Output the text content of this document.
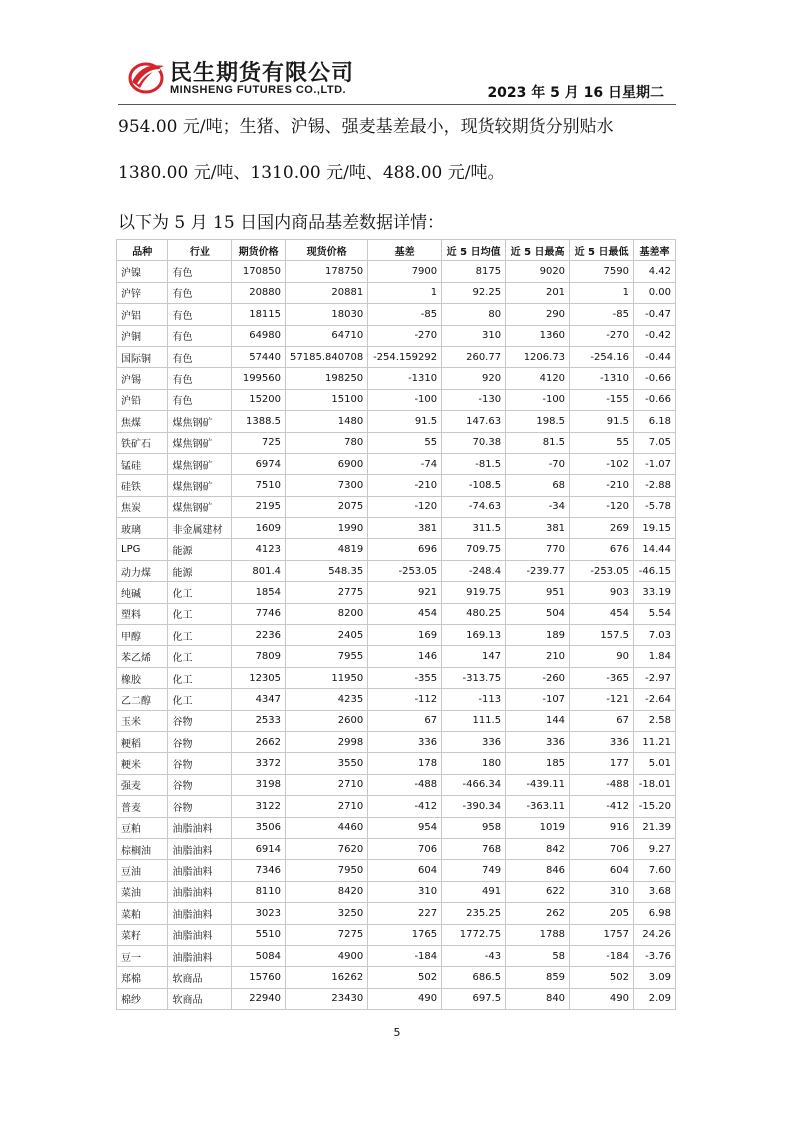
民生期货有限公司
MINSHENG FUTURES CO.,LTD.	2023 年 5 月 16 日星期二
954.00 元/吨；生猪、沪锡、强麦基差最小，现货较期货分别贴水
1380.00 元/吨、1310.00 元/吨、488.00 元/吨。
以下为 5 月 15 日国内商品基差数据详情：
品种	行业	期货价格	现货价格	基差	近 5 日均值	近 5 日最高	近 5 日最低	基差率
沪镍	有色	170850	178750	7900	8175	9020	7590	4.42
沪锌	有色	20880	20881	1	92.25	201	1	0.00
沪铝	有色	18115	18030	-85	80	290	-85	-0.47
沪铜	有色	64980	64710	-270	310	1360	-270	-0.42
国际铜	有色	57440	57185.840708	-254.159292	260.77	1206.73	-254.16	-0.44
沪锡	有色	199560	198250	-1310	920	4120	-1310	-0.66
沪铅	有色	15200	15100	-100	-130	-100	-155	-0.66
焦煤	煤焦钢矿	1388.5	1480	91.5	147.63	198.5	91.5	6.18
铁矿石	煤焦钢矿	725	780	55	70.38	81.5	55	7.05
锰硅	煤焦钢矿	6974	6900	-74	-81.5	-70	-102	-1.07
硅铁	煤焦钢矿	7510	7300	-210	-108.5	68	-210	-2.88
焦炭	煤焦钢矿	2195	2075	-120	-74.63	-34	-120	-5.78
玻璃	非金属建材	1609	1990	381	311.5	381	269	19.15
LPG	能源	4123	4819	696	709.75	770	676	14.44
动力煤	能源	801.4	548.35	-253.05	-248.4	-239.77	-253.05	-46.15
纯碱	化工	1854	2775	921	919.75	951	903	33.19
塑料	化工	7746	8200	454	480.25	504	454	5.54
甲醇	化工	2236	2405	169	169.13	189	157.5	7.03
苯乙烯	化工	7809	7955	146	147	210	90	1.84
橡胶	化工	12305	11950	-355	-313.75	-260	-365	-2.97
乙二醇	化工	4347	4235	-112	-113	-107	-121	-2.64
玉米	谷物	2533	2600	67	111.5	144	67	2.58
粳稻	谷物	2662	2998	336	336	336	336	11.21
粳米	谷物	3372	3550	178	180	185	177	5.01
强麦	谷物	3198	2710	-488	-466.34	-439.11	-488	-18.01
普麦	谷物	3122	2710	-412	-390.34	-363.11	-412	-15.20
豆粕	油脂油料	3506	4460	954	958	1019	916	21.39
棕榈油	油脂油料	6914	7620	706	768	842	706	9.27
豆油	油脂油料	7346	7950	604	749	846	604	7.60
菜油	油脂油料	8110	8420	310	491	622	310	3.68
菜粕	油脂油料	3023	3250	227	235.25	262	205	6.98
菜籽	油脂油料	5510	7275	1765	1772.75	1788	1757	24.26
豆一	油脂油料	5084	4900	-184	-43	58	-184	-3.76
郑棉	软商品	15760	16262	502	686.5	859	502	3.09
棉纱	软商品	22940	23430	490	697.5	840	490	2.09
5
